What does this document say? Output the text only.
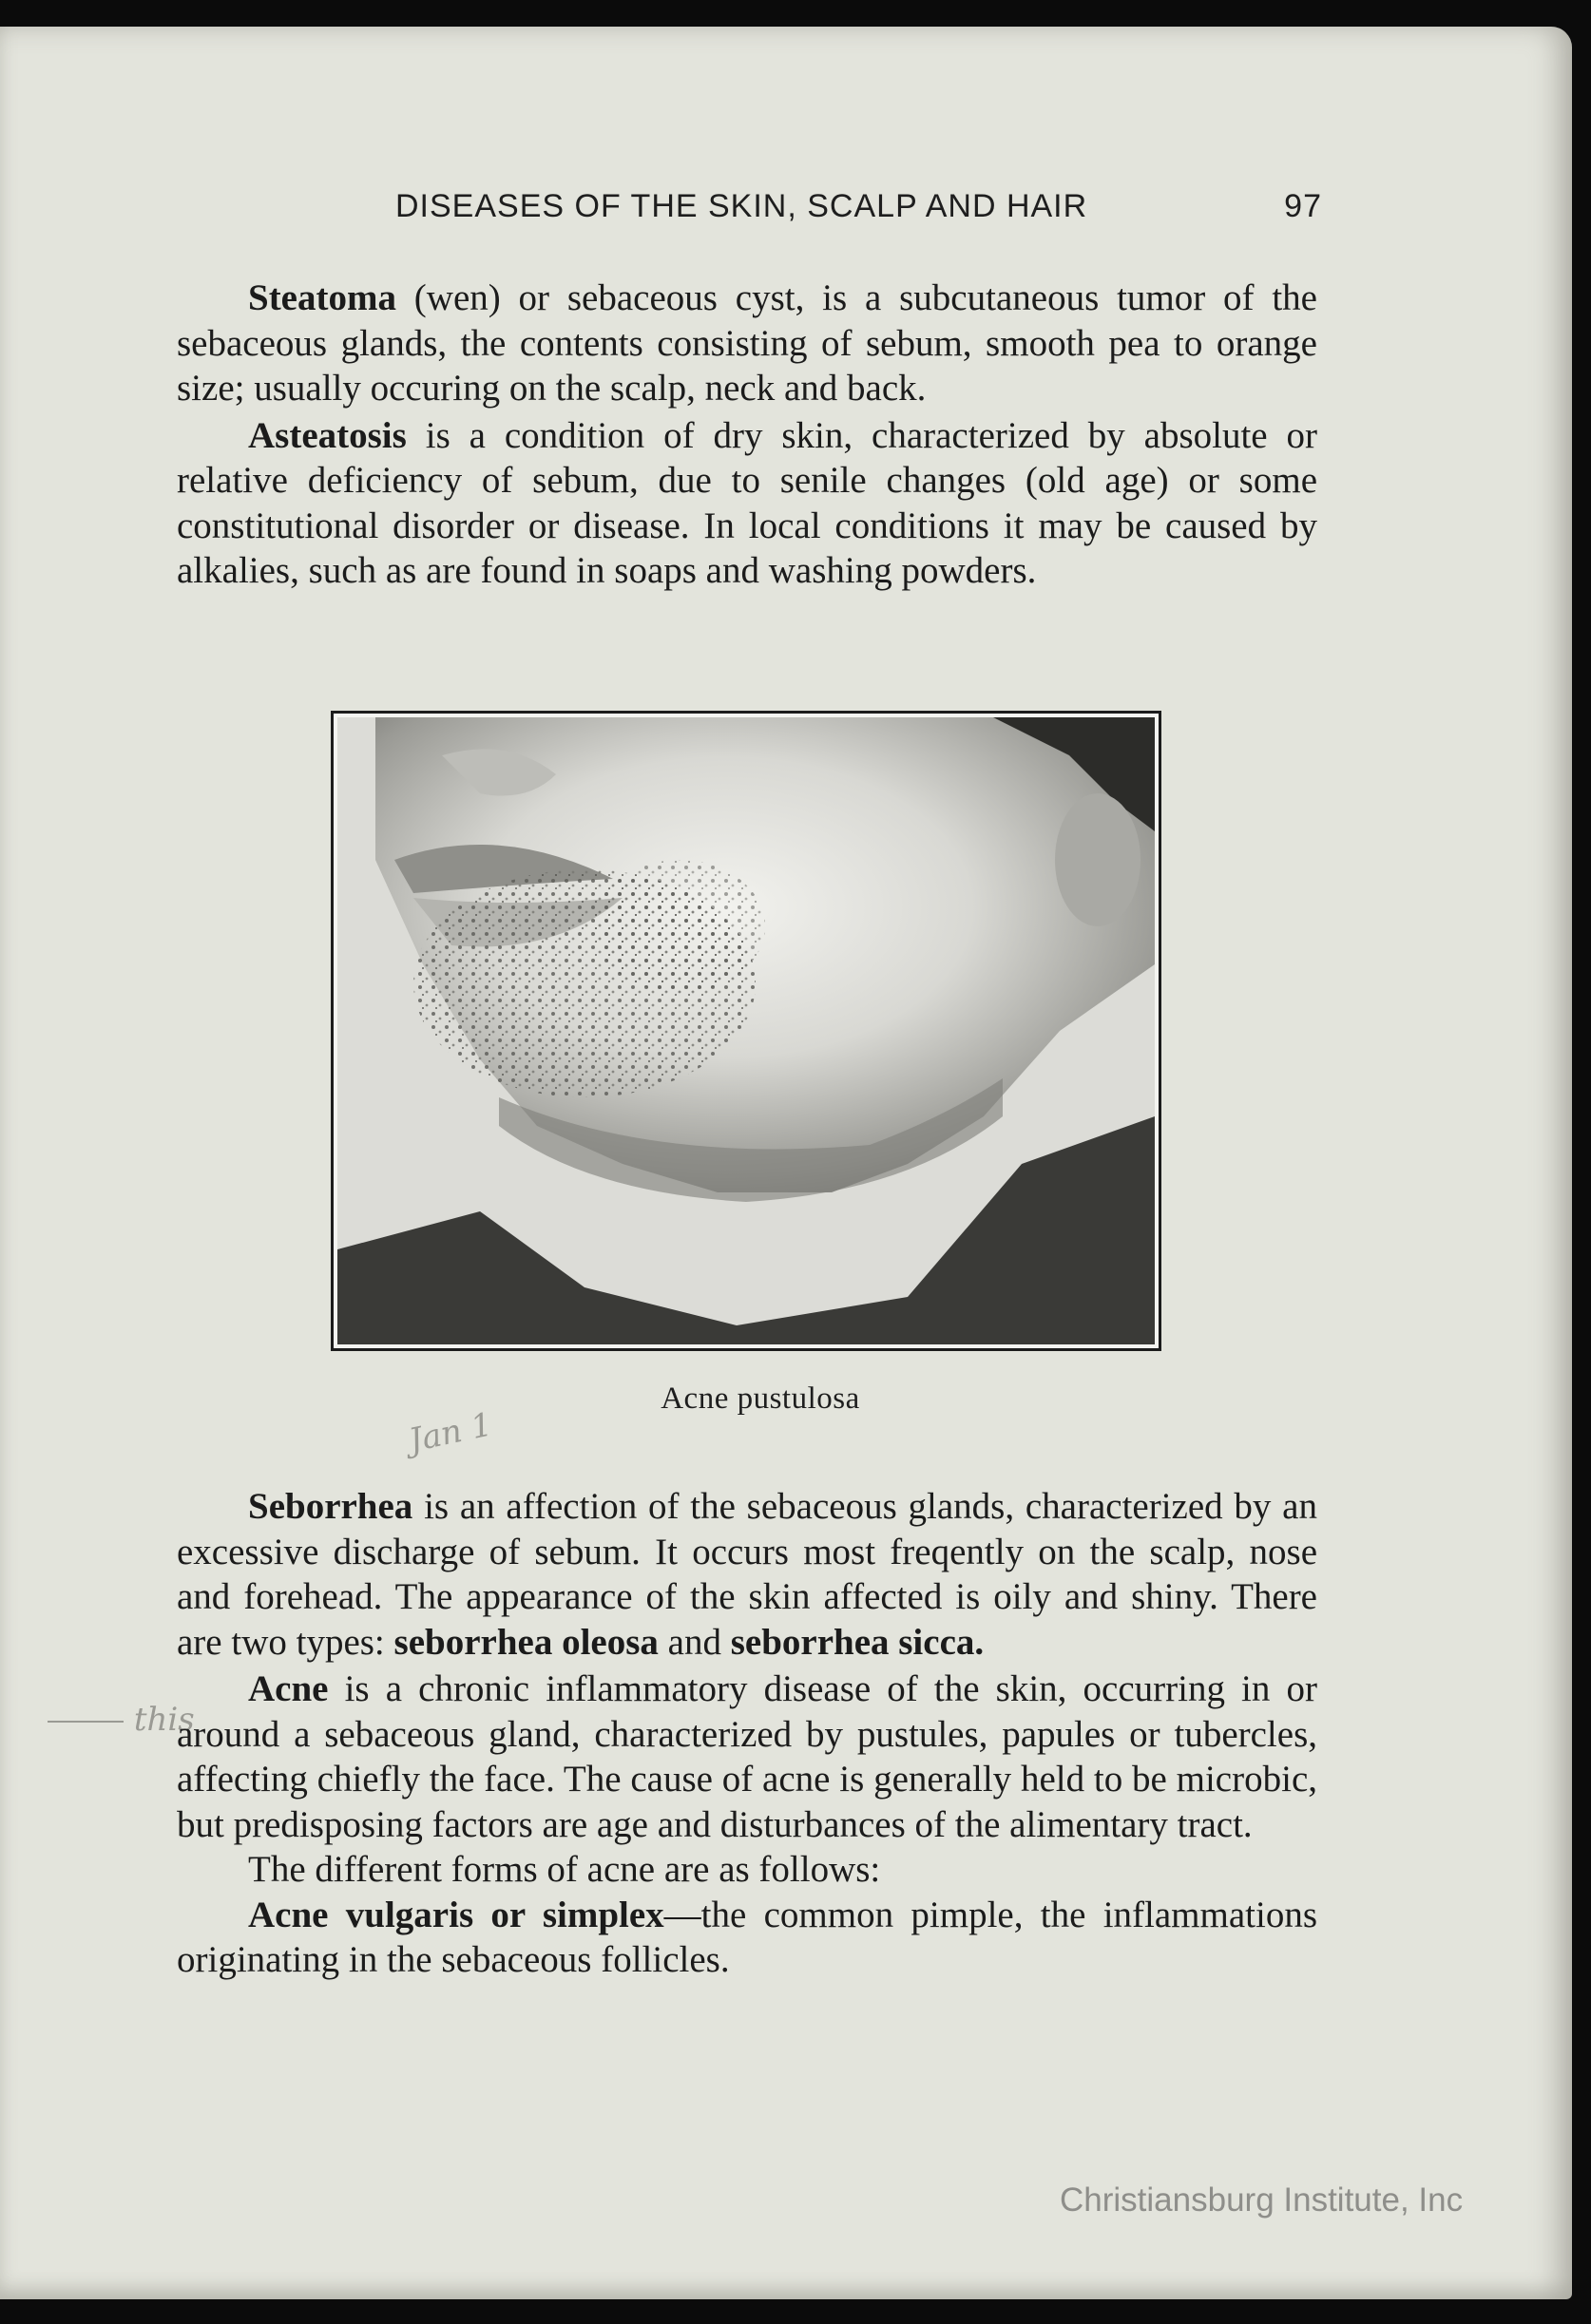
DISEASES OF THE SKIN, SCALP AND HAIR	97

Steatoma (wen) or sebaceous cyst, is a subcutaneous tumor of the sebaceous glands, the contents consisting of sebum, smooth pea to orange size; usually occuring on the scalp, neck and back.

Asteatosis is a condition of dry skin, characterized by absolute or relative deficiency of sebum, due to senile changes (old age) or some constitutional disorder or disease. In local conditions it may be caused by alkalies, such as are found in soaps and washing powders.

Acne pustulosa
Jan 1
this

Seborrhea is an affection of the sebaceous glands, characterized by an excessive discharge of sebum. It occurs most freqently on the scalp, nose and forehead. The appearance of the skin affected is oily and shiny. There are two types: seborrhea oleosa and seborrhea sicca.

Acne is a chronic inflammatory disease of the skin, occurring in or around a sebaceous gland, characterized by pustules, papules or tubercles, affecting chiefly the face. The cause of acne is generally held to be microbic, but predisposing factors are age and disturbances of the alimentary tract.

The different forms of acne are as follows:

Acne vulgaris or simplex—the common pimple, the inflammations originating in the sebaceous follicles.

Christiansburg Institute, Inc
